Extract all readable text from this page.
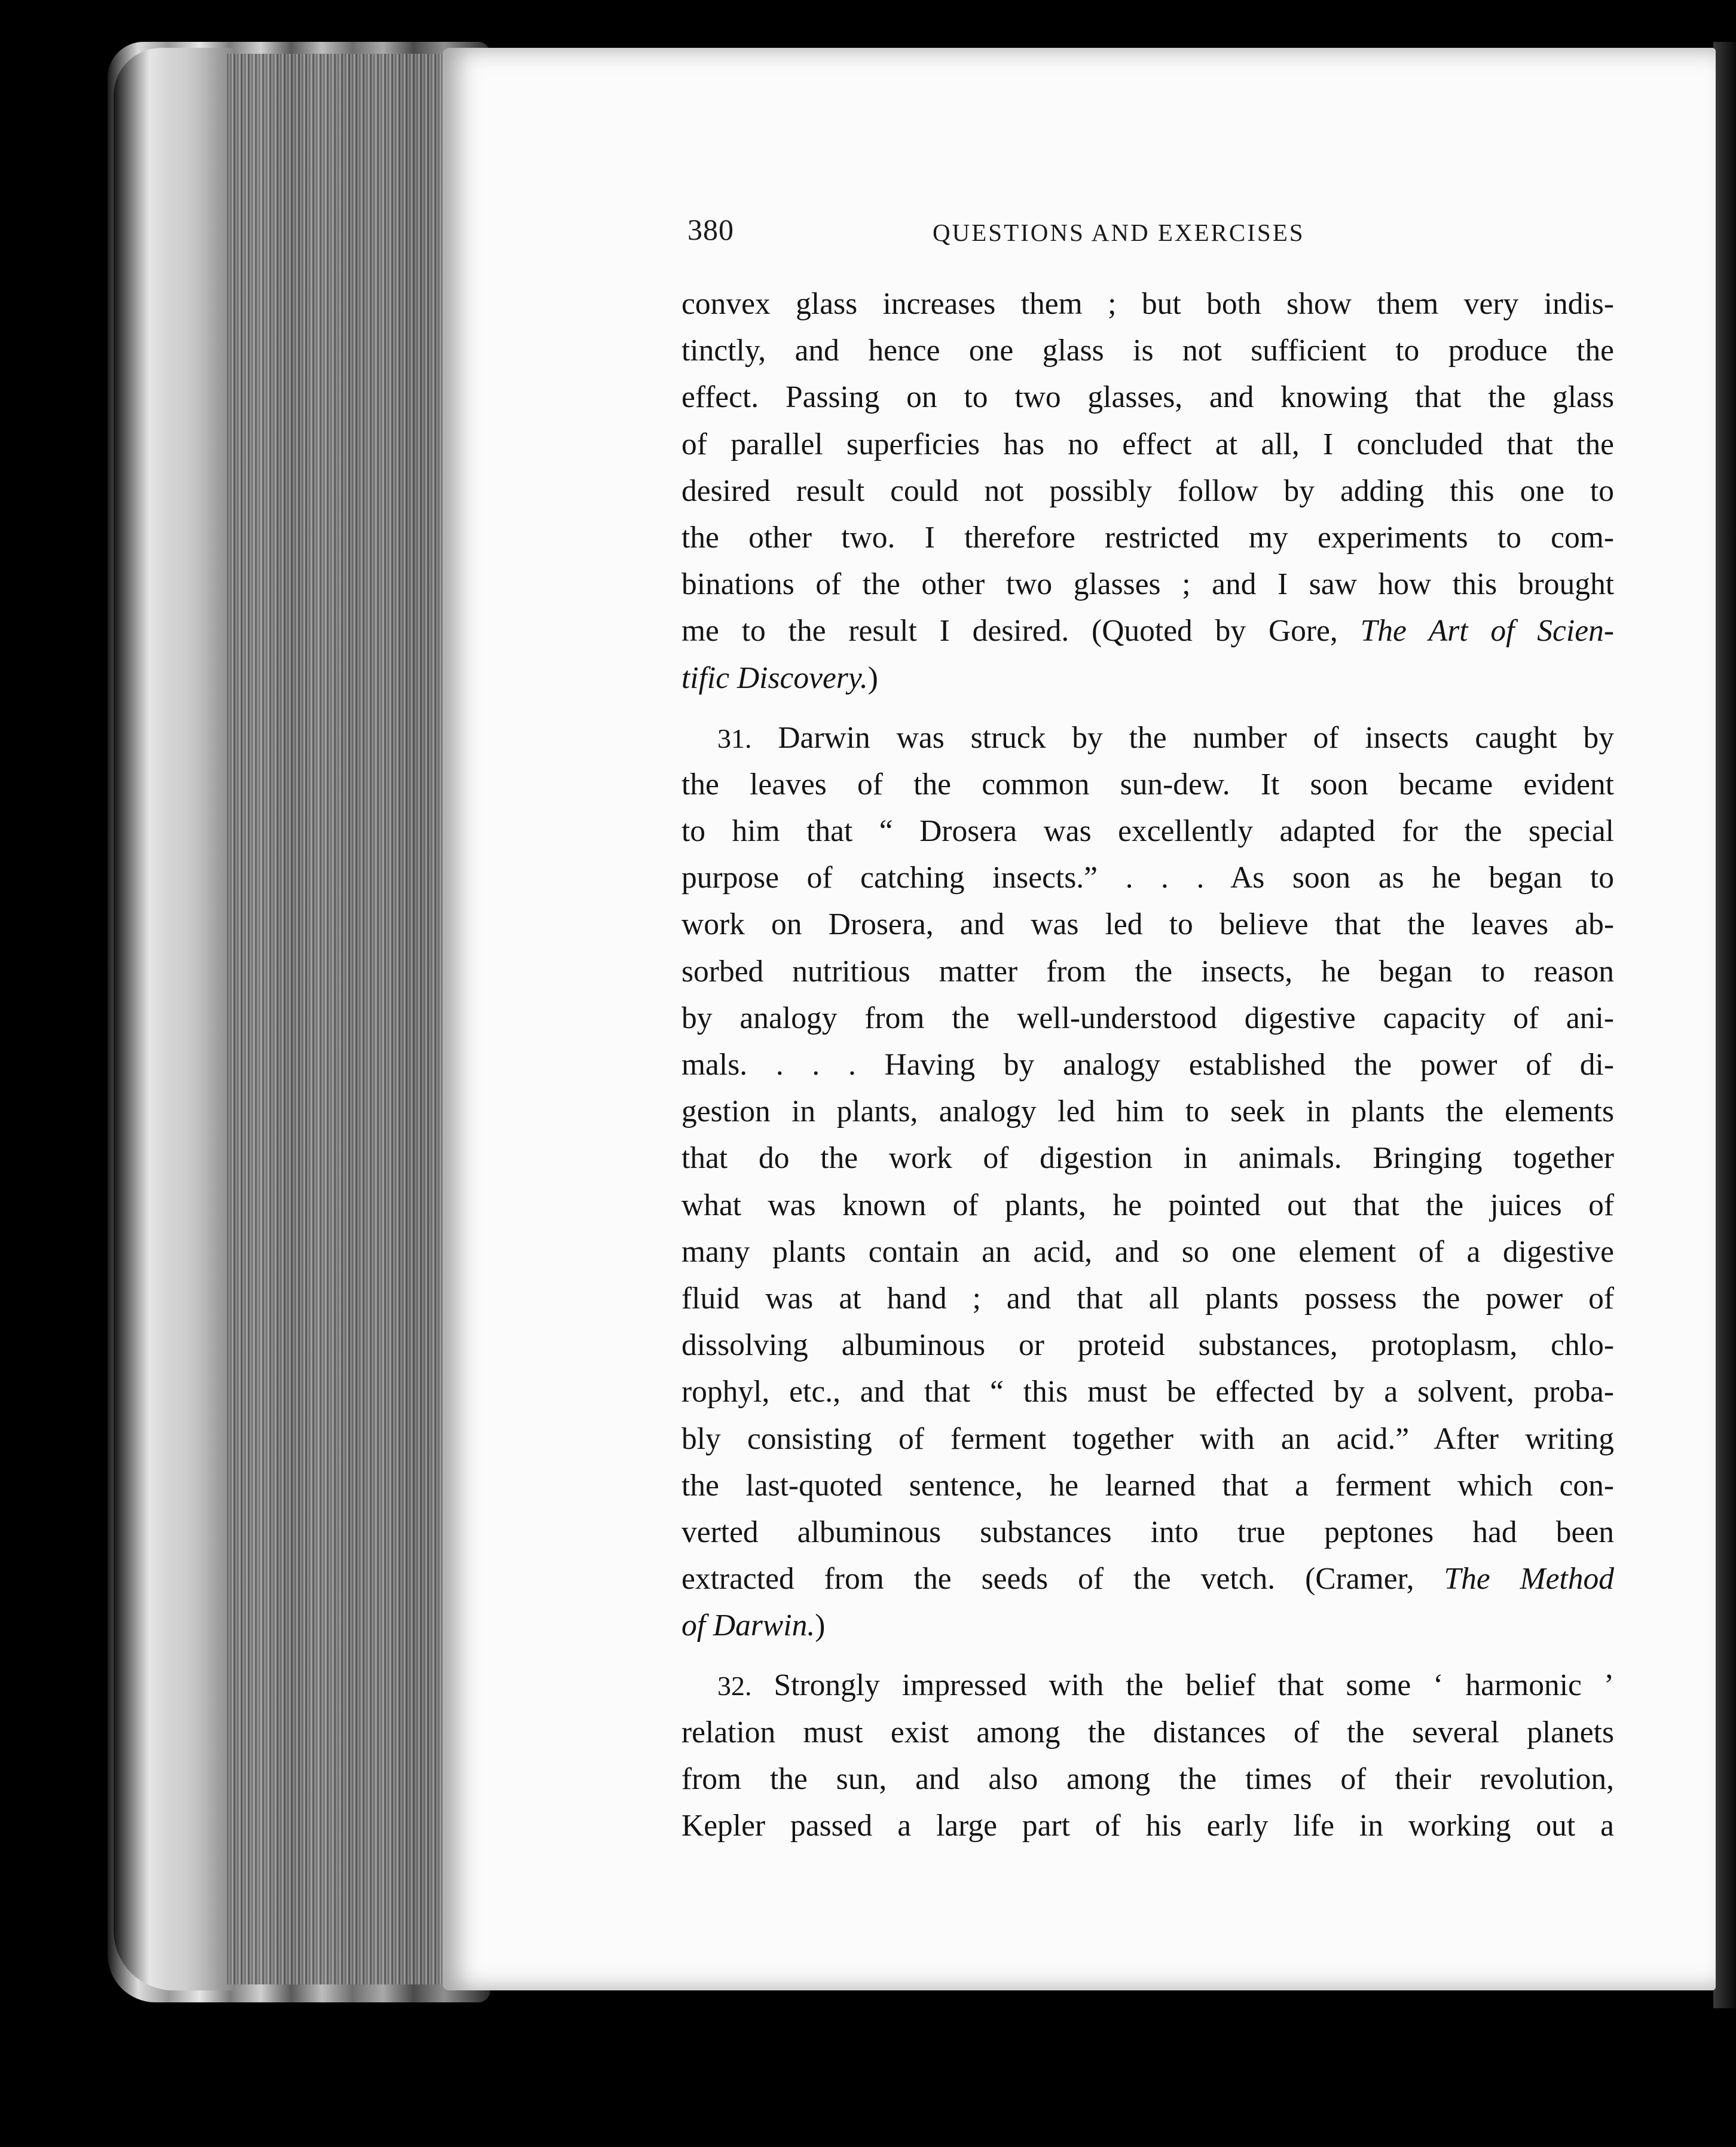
380	QUESTIONS AND EXERCISES
convex glass increases them ; but both show them very indis-
tinctly, and hence one glass is not sufficient to produce the
effect. Passing on to two glasses, and knowing that the glass
of parallel superficies has no effect at all, I concluded that the
desired result could not possibly follow by adding this one to
the other two. I therefore restricted my experiments to com-
binations of the other two glasses ; and I saw how this brought
me to the result I desired. (Quoted by Gore, The Art of Scien-
tific Discovery.)
31. Darwin was struck by the number of insects caught by
the leaves of the common sun-dew. It soon became evident
to him that “ Drosera was excellently adapted for the special
purpose of catching insects.” . . . As soon as he began to
work on Drosera, and was led to believe that the leaves ab-
sorbed nutritious matter from the insects, he began to reason
by analogy from the well-understood digestive capacity of ani-
mals. . . . Having by analogy established the power of di-
gestion in plants, analogy led him to seek in plants the elements
that do the work of digestion in animals. Bringing together
what was known of plants, he pointed out that the juices of
many plants contain an acid, and so one element of a digestive
fluid was at hand ; and that all plants possess the power of
dissolving albuminous or proteid substances, protoplasm, chlo-
rophyl, etc., and that “ this must be effected by a solvent, proba-
bly consisting of ferment together with an acid.” After writing
the last-quoted sentence, he learned that a ferment which con-
verted albuminous substances into true peptones had been
extracted from the seeds of the vetch. (Cramer, The Method
of Darwin.)
32. Strongly impressed with the belief that some ‘ harmonic ’
relation must exist among the distances of the several planets
from the sun, and also among the times of their revolution,
Kepler passed a large part of his early life in working out a
